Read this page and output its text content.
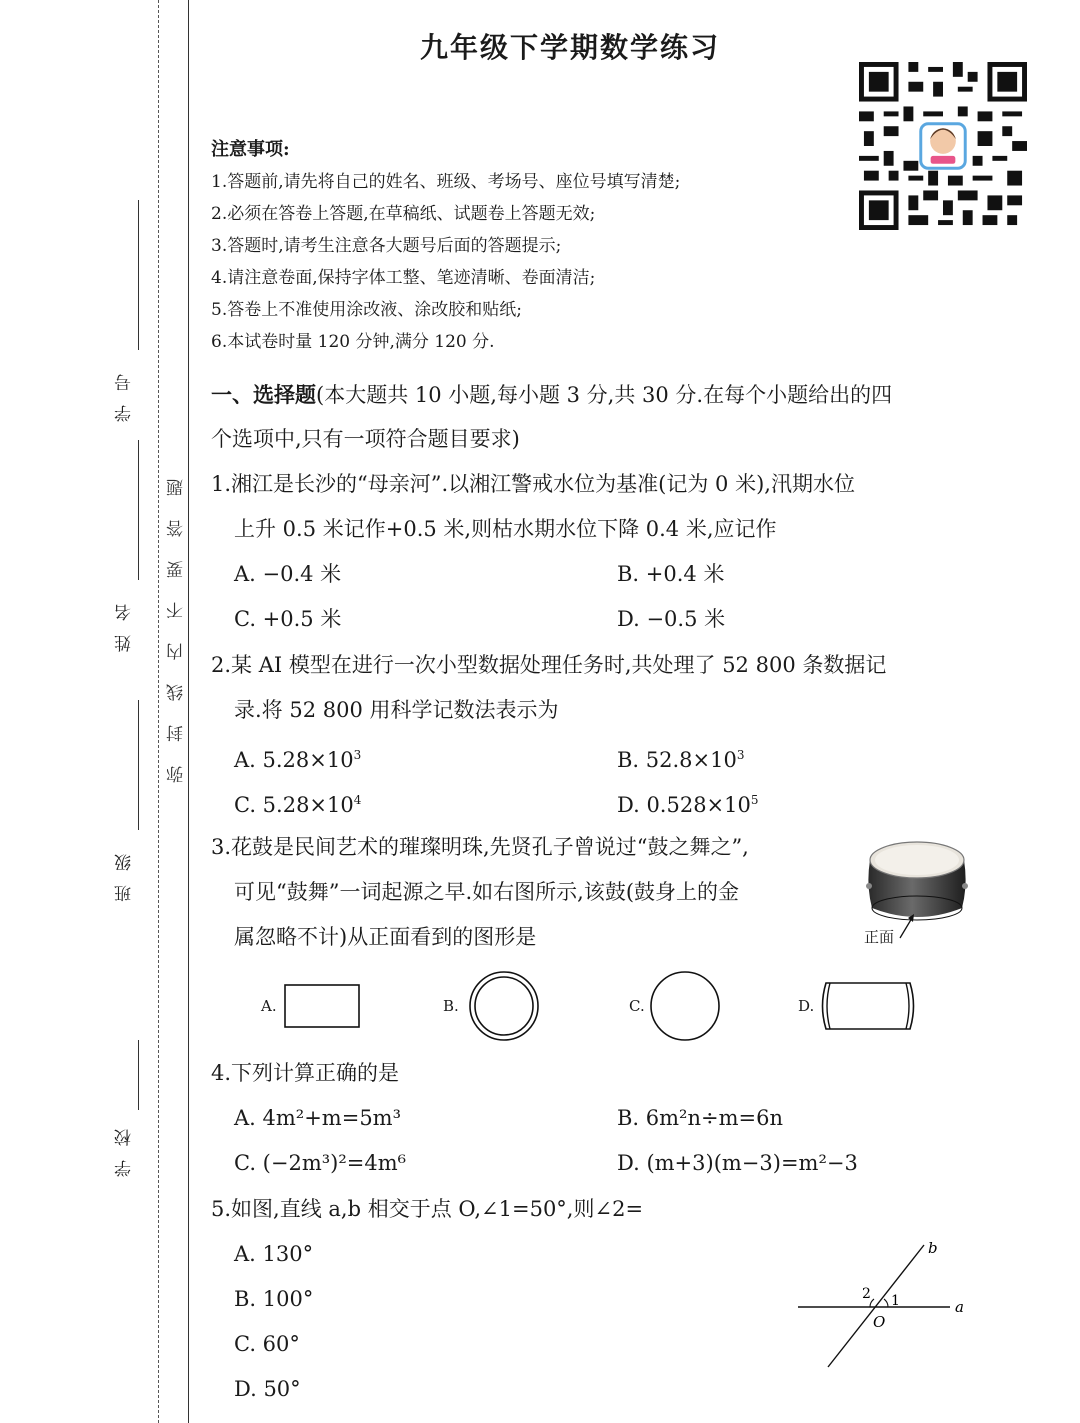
学校
班级
姓名
学号
弥封线内不要答题
九年级下学期数学练习
注意事项:
1.答题前,请先将自己的姓名、班级、考场号、座位号填写清楚;
2.必须在答卷上答题,在草稿纸、试题卷上答题无效;
3.答题时,请考生注意各大题号后面的答题提示;
4.请注意卷面,保持字体工整、笔迹清晰、卷面清洁;
5.答卷上不准使用涂改液、涂改胶和贴纸;
6.本试卷时量 120 分钟,满分 120 分.
一、选择题(本大题共 10 小题,每小题 3 分,共 30 分.在每个小题给出的四
个选项中,只有一项符合题目要求)
1.湘江是长沙的“母亲河”.以湘江警戒水位为基准(记为 0 米),汛期水位
上升 0.5 米记作+0.5 米,则枯水期水位下降 0.4 米,应记作
A. −0.4 米	B. +0.4 米
C. +0.5 米	D. −0.5 米
2.某 AI 模型在进行一次小型数据处理任务时,共处理了 52 800 条数据记
录.将 52 800 用科学记数法表示为
A. $5.28\times 10^3$	B. $52.8\times 10^3$
C. $5.28\times 10^4$	D. $0.528\times 10^5$
3.花鼓是民间艺术的璀璨明珠,先贤孔子曾说过“鼓之舞之”,
可见“鼓舞”一词起源之早.如右图所示,该鼓(鼓身上的金
属忽略不计)从正面看到的图形是	正面
A.	B.	C.	D.
4.下列计算正确的是
A. 4m²+m=5m³	B. 6m²n÷m=6n
C. (−2m³)²=4m⁶	D. (m+3)(m−3)=m²−3
5.如图,直线 a,b 相交于点 O,∠1=50°,则∠2=
A. 130°
B. 100°
C. 60°
D. 50°
b
a
O
1
2
